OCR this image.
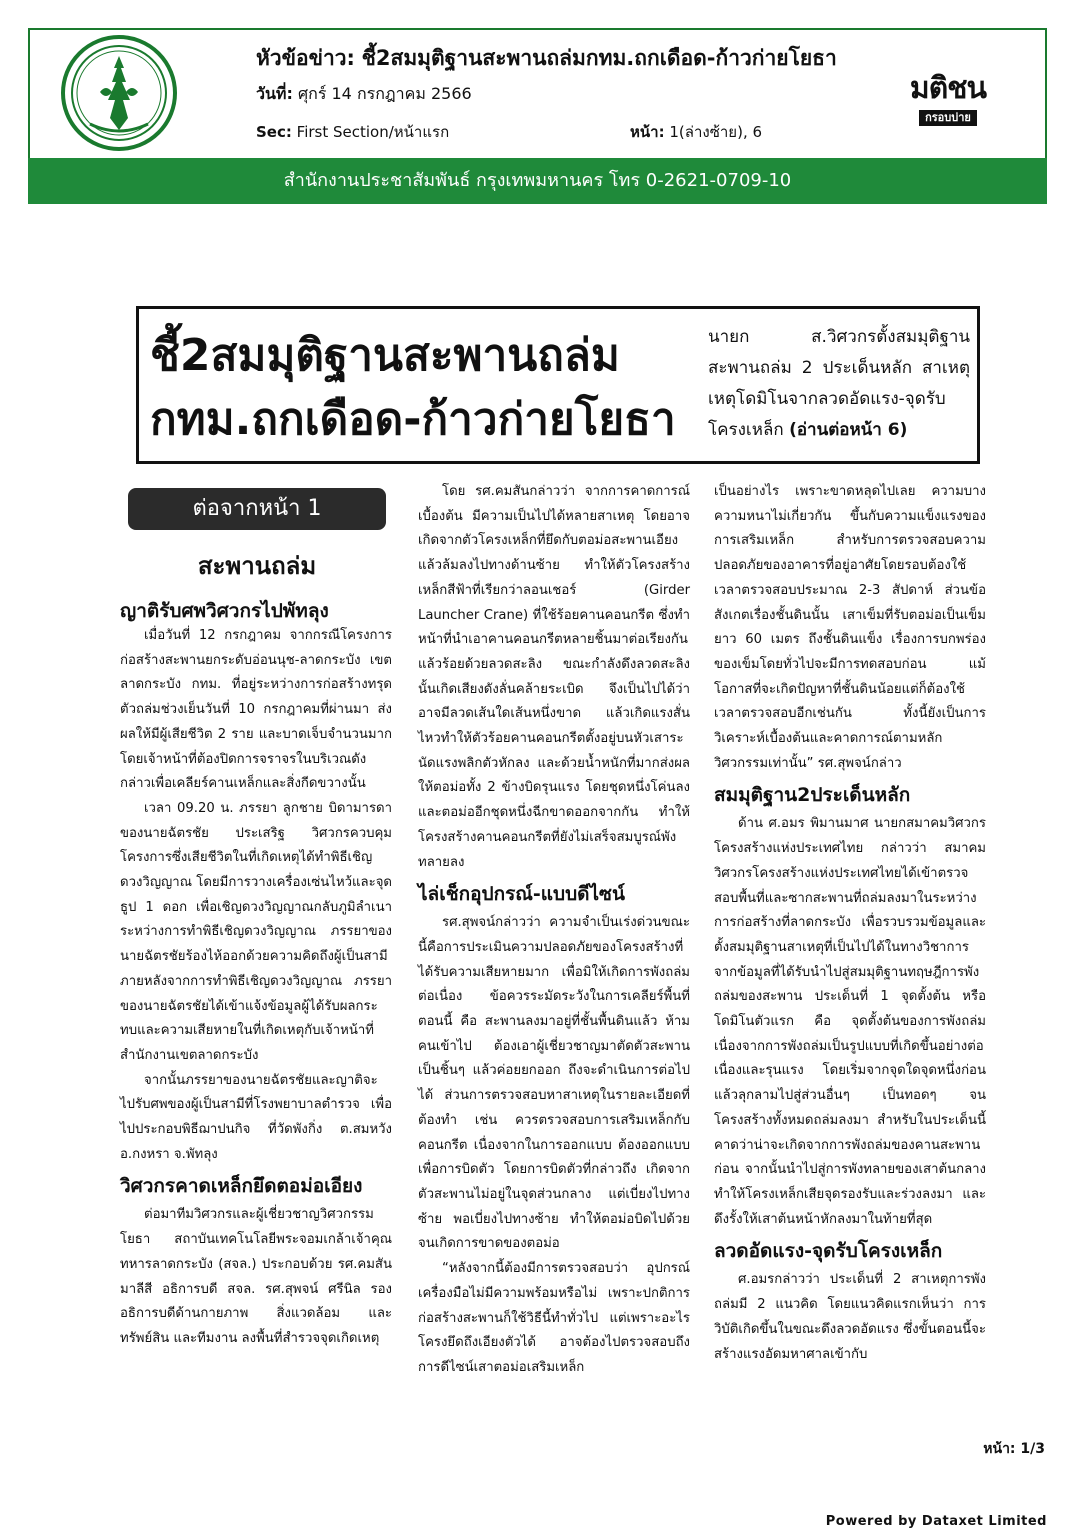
หัวข้อข่าว: ชี้2สมมุติฐานสะพานถล่มกทม.ถกเดือด-ก้าวก่ายโยธา
วันที่: ศุกร์ 14 กรกฎาคม 2566
Sec: First Section/หน้าแรก	หน้า: 1(ล่างซ้าย), 6
มติชน
กรอบบ่าย
สำนักงานประชาสัมพันธ์ กรุงเทพมหานคร โทร 0-2621-0709-10
ชี้2สมมุติฐานสะพานถล่ม
กทม.ถกเดือด-ก้าวก่ายโยธา
นายก ส.วิศวกรตั้งสมมุติฐาน สะพานถล่ม 2 ประเด็นหลัก สาเหตุเหตุโดมิโนจากลวดอัดแรง-จุดรับโครงเหล็ก (อ่านต่อหน้า 6)
ต่อจากหน้า 1
สะพานถล่ม
ญาติรับศพวิศวกรไปพัทลุง

เมื่อวันที่ 12 กรกฎาคม จากกรณีโครงการก่อสร้างสะพานยกระดับอ่อนนุช-ลาดกระบัง เขตลาดกระบัง กทม. ที่อยู่ระหว่างการก่อสร้างทรุดตัวถล่มช่วงเย็นวันที่ 10 กรกฎาคมที่ผ่านมา ส่งผลให้มีผู้เสียชีวิต 2 ราย และบาดเจ็บจำนวนมาก โดยเจ้าหน้าที่ต้องปิดการจราจรในบริเวณดังกล่าวเพื่อเคลียร์คานเหล็กและสิ่งกีดขวางนั้น

เวลา 09.20 น. ภรรยา ลูกชาย บิดามารดาของนายฉัตรชัย ประเสริฐ วิศวกรควบคุมโครงการซึ่งเสียชีวิตในที่เกิดเหตุได้ทำพิธีเชิญดวงวิญญาณ โดยมีการวางเครื่องเซ่นไหว้และจุดธูป 1 ดอก เพื่อเชิญดวงวิญญาณกลับภูมิลำเนา ระหว่างการทำพิธีเชิญดวงวิญญาณ ภรรยาของนายฉัตรชัยร้องไห้ออกด้วยความคิดถึงผู้เป็นสามี ภายหลังจากการทำพิธีเชิญดวงวิญญาณ ภรรยาของนายฉัตรชัยได้เข้าแจ้งข้อมูลผู้ได้รับผลกระทบและความเสียหายในที่เกิดเหตุกับเจ้าหน้าที่สำนักงานเขตลาดกระบัง

จากนั้นภรรยาของนายฉัตรชัยและญาติจะไปรับศพของผู้เป็นสามีที่โรงพยาบาลตำรวจ เพื่อไปประกอบพิธีฌาปนกิจ ที่วัดพังกิ่ง ต.สมหวัง อ.กงหรา จ.พัทลุง

วิศวกรคาดเหล็กยึดตอม่อเอียง

ต่อมาทีมวิศวกรและผู้เชี่ยวชาญวิศวกรรมโยธา สถาบันเทคโนโลยีพระจอมเกล้าเจ้าคุณทหารลาดกระบัง (สจล.) ประกอบด้วย รศ.คมสัน มาลีสี อธิการบดี สจล. รศ.สุพจน์ ศรีนิล รองอธิการบดีด้านกายภาพ สิ่งแวดล้อม และทรัพย์สิน และทีมงาน ลงพื้นที่สำรวจจุดเกิดเหตุ

โดย รศ.คมสันกล่าวว่า จากการคาดการณ์เบื้องต้น มีความเป็นไปได้หลายสาเหตุ โดยอาจเกิดจากตัวโครงเหล็กที่ยึดกับตอม่อสะพานเอียง แล้วล้มลงไปทางด้านซ้าย ทำให้ตัวโครงสร้างเหล็กสีฟ้าที่เรียกว่าลอนเชอร์ (Girder Launcher Crane) ที่ใช้ร้อยคานคอนกรีต ซึ่งทำหน้าที่นำเอาคานคอนกรีตหลายชิ้นมาต่อเรียงกันแล้วร้อยด้วยลวดสะลิง ขณะกำลังดึงลวดสะลิงนั้นเกิดเสียงดังลั่นคล้ายระเบิด จึงเป็นไปได้ว่าอาจมีลวดเส้นใดเส้นหนึ่งขาด แล้วเกิดแรงสั่นไหวทำให้ตัวร้อยคานคอนกรีตตั้งอยู่บนหัวเสาระนัดแรงพลิกตัวหักลง และด้วยน้ำหนักที่มากส่งผลให้ตอม่อทั้ง 2 ข้างบิดรุนแรง โดยชุดหนึ่งโค่นลงและตอม่ออีกชุดหนึ่งฉีกขาดออกจากกัน ทำให้โครงสร้างคานคอนกรีตที่ยังไม่เสร็จสมบูรณ์พังทลายลง

ไล่เช็กอุปกรณ์-แบบดีไซน์

รศ.สุพจน์กล่าวว่า ความจำเป็นเร่งด่วนขณะนี้คือการประเมินความปลอดภัยของโครงสร้างที่ได้รับความเสียหายมาก เพื่อมิให้เกิดการพังถล่มต่อเนื่อง ข้อควรระมัดระวังในการเคลียร์พื้นที่ตอนนี้ คือ สะพานลงมาอยู่ที่ชั้นพื้นดินแล้ว ห้ามคนเข้าไป ต้องเอาผู้เชี่ยวชาญมาตัดตัวสะพานเป็นชิ้นๆ แล้วค่อยยกออก ถึงจะดำเนินการต่อไปได้ ส่วนการตรวจสอบหาสาเหตุในรายละเอียดที่ต้องทำ เช่น ควรตรวจสอบการเสริมเหล็กกับคอนกรีต เนื่องจากในการออกแบบ ต้องออกแบบเพื่อการบิดตัว โดยการบิดตัวที่กล่าวถึง เกิดจากตัวสะพานไม่อยู่ในจุดส่วนกลาง แต่เบี่ยงไปทางซ้าย พอเบี่ยงไปทางซ้าย ทำให้ตอม่อบิดไปด้วย จนเกิดการขาดของตอม่อ

“หลังจากนี้ต้องมีการตรวจสอบว่า อุปกรณ์เครื่องมือไม่มีความพร้อมหรือไม่ เพราะปกติการก่อสร้างสะพานก็ใช้วิธีนี้ทำทั่วไป แต่เพราะอะไรโครงยึดถึงเอียงตัวได้ อาจต้องไปตรวจสอบถึงการดีไซน์เสาตอม่อเสริมเหล็ก

เป็นอย่างไร เพราะขาดหลุดไปเลย ความบางความหนาไม่เกี่ยวกัน ขึ้นกับความแข็งแรงของการเสริมเหล็ก สำหรับการตรวจสอบความปลอดภัยของอาคารที่อยู่อาศัยโดยรอบต้องใช้เวลาตรวจสอบประมาณ 2-3 สัปดาห์ ส่วนข้อสังเกตเรื่องชั้นดินนั้น เสาเข็มที่รับตอม่อเป็นเข็มยาว 60 เมตร ถึงชั้นดินแข็ง เรื่องการบกพร่องของเข็มโดยทั่วไปจะมีการทดสอบก่อน แม้โอกาสที่จะเกิดปัญหาที่ชั้นดินน้อยแต่ก็ต้องใช้เวลาตรวจสอบอีกเช่นกัน ทั้งนี้ยังเป็นการวิเคราะห์เบื้องต้นและคาดการณ์ตามหลักวิศวกรรมเท่านั้น” รศ.สุพจน์กล่าว

สมมุติฐาน2ประเด็นหลัก

ด้าน ศ.อมร พิมานมาศ นายกสมาคมวิศวกรโครงสร้างแห่งประเทศไทย กล่าวว่า สมาคมวิศวกรโครงสร้างแห่งประเทศไทยได้เข้าตรวจสอบพื้นที่และซากสะพานที่ถล่มลงมาในระหว่างการก่อสร้างที่ลาดกระบัง เพื่อรวบรวมข้อมูลและตั้งสมมุติฐานสาเหตุที่เป็นไปได้ในทางวิชาการ จากข้อมูลที่ได้รับนำไปสู่สมมุติฐานทฤษฎีการพังถล่มของสะพาน ประเด็นที่ 1 จุดตั้งต้น หรือโดมิโนตัวแรก คือ จุดตั้งต้นของการพังถล่ม เนื่องจากการพังถล่มเป็นรูปแบบที่เกิดขึ้นอย่างต่อเนื่องและรุนแรง โดยเริ่มจากจุดใดจุดหนึ่งก่อนแล้วลุกลามไปสู่ส่วนอื่นๆ เป็นทอดๆ จนโครงสร้างทั้งหมดถล่มลงมา สำหรับในประเด็นนี้คาดว่าน่าจะเกิดจากการพังถล่มของคานสะพานก่อน จากนั้นนำไปสู่การพังทลายของเสาต้นกลาง ทำให้โครงเหล็กเสียจุดรองรับและร่วงลงมา และดึงรั้งให้เสาต้นหน้าหักลงมาในท้ายที่สุด

ลวดอัดแรง-จุดรับโครงเหล็ก

ศ.อมรกล่าวว่า ประเด็นที่ 2 สาเหตุการพังถล่มมี 2 แนวคิด โดยแนวคิดแรกเห็นว่า การวิบัติเกิดขึ้นในขณะดึงลวดอัดแรง ซึ่งขั้นตอนนี้จะสร้างแรงอัดมหาศาลเข้ากับ

หน้า: 1/3
Powered by Dataxet Limited
